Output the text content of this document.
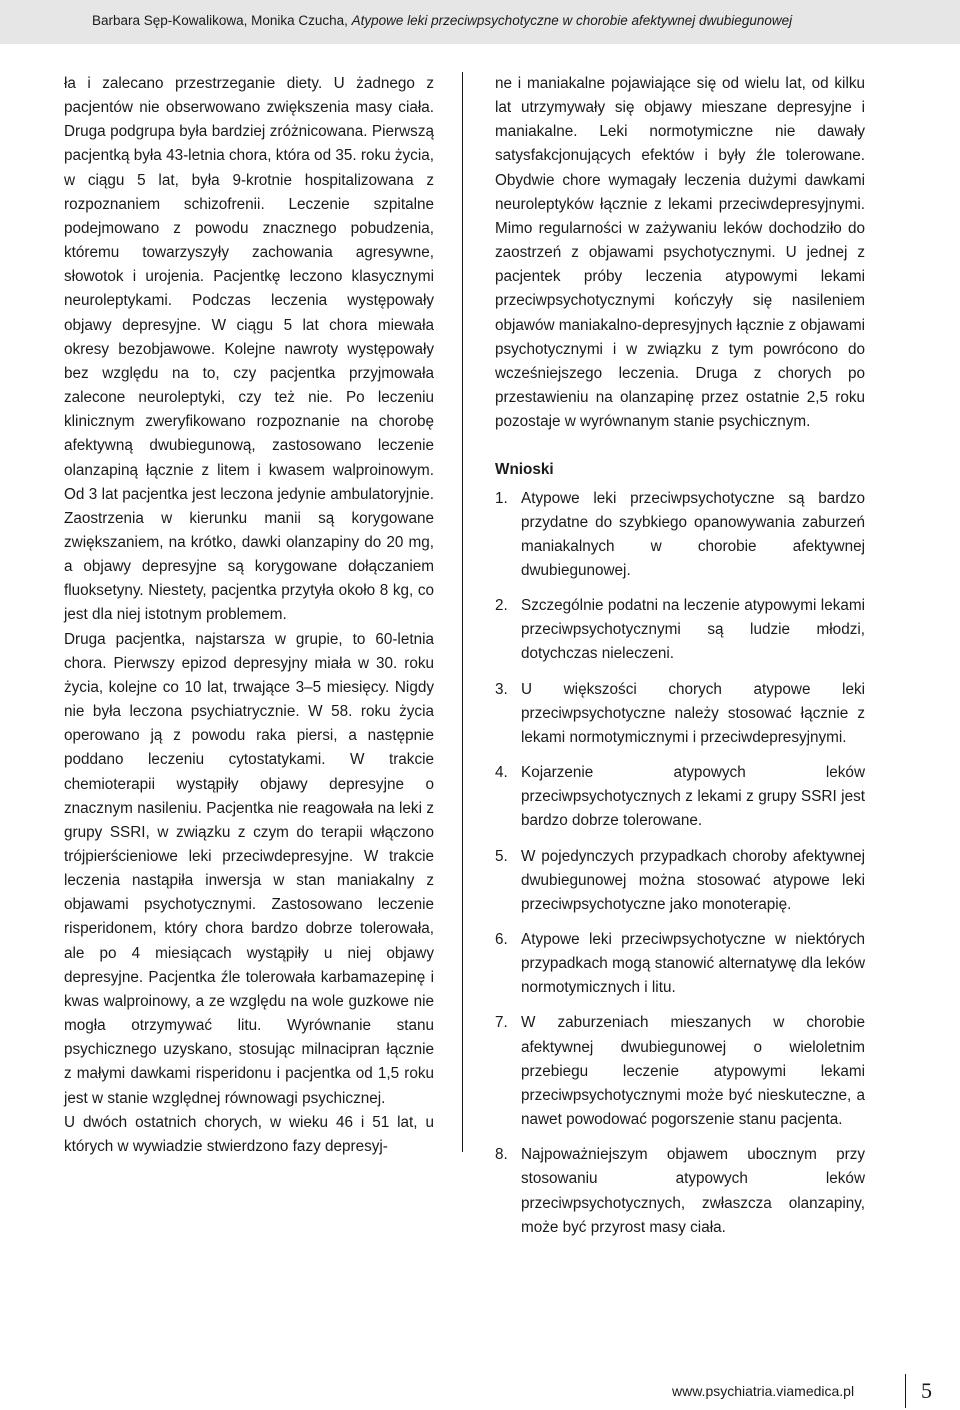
Barbara Sęp-Kowalikowa, Monika Czucha, Atypowe leki przeciwpsychotyczne w chorobie afektywnej dwubiegunowej

ła i zalecano przestrzeganie diety. U żadnego z pacjentów nie obserwowano zwiększenia masy ciała. Druga podgrupa była bardziej zróżnicowana. Pierwszą pacjentką była 43-letnia chora, która od 35. roku życia, w ciągu 5 lat, była 9-krotnie hospitalizowana z rozpoznaniem schizofrenii. Leczenie szpitalne podejmowano z powodu znacznego pobudzenia, któremu towarzyszyły zachowania agresywne, słowotok i urojenia. Pacjentkę leczono klasycznymi neuroleptykami. Podczas leczenia występowały objawy depresyjne. W ciągu 5 lat chora miewała okresy bezobjawowe. Kolejne nawroty występowały bez względu na to, czy pacjentka przyjmowała zalecone neuroleptyki, czy też nie. Po leczeniu klinicznym zweryfikowano rozpoznanie na chorobę afektywną dwubiegunową, zastosowano leczenie olanzapiną łącznie z litem i kwasem walproinowym. Od 3 lat pacjentka jest leczona jedynie ambulatoryjnie. Zaostrzenia w kierunku manii są korygowane zwiększaniem, na krótko, dawki olanzapiny do 20 mg, a objawy depresyjne są korygowane dołączaniem fluoksetyny. Niestety, pacjentka przytyła około 8 kg, co jest dla niej istotnym problemem.

Druga pacjentka, najstarsza w grupie, to 60-letnia chora. Pierwszy epizod depresyjny miała w 30. roku życia, kolejne co 10 lat, trwające 3–5 miesięcy. Nigdy nie była leczona psychiatrycznie. W 58. roku życia operowano ją z powodu raka piersi, a następnie poddano leczeniu cytostatykami. W trakcie chemioterapii wystąpiły objawy depresyjne o znacznym nasileniu. Pacjentka nie reagowała na leki z grupy SSRI, w związku z czym do terapii włączono trójpierścieniowe leki przeciwdepresyjne. W trakcie leczenia nastąpiła inwersja w stan maniakalny z objawami psychotycznymi. Zastosowano leczenie risperidonem, który chora bardzo dobrze tolerowała, ale po 4 miesiącach wystąpiły u niej objawy depresyjne. Pacjentka źle tolerowała karbamazepinę i kwas walproinowy, a ze względu na wole guzkowe nie mogła otrzymywać litu. Wyrównanie stanu psychicznego uzyskano, stosując milnacipran łącznie z małymi dawkami risperidonu i pacjentka od 1,5 roku jest w stanie względnej równowagi psychicznej.

U dwóch ostatnich chorych, w wieku 46 i 51 lat, u których w wywiadzie stwierdzono fazy depresyj-

ne i maniakalne pojawiające się od wielu lat, od kilku lat utrzymywały się objawy mieszane depresyjne i maniakalne. Leki normotymiczne nie dawały satysfakcjonujących efektów i były źle tolerowane. Obydwie chore wymagały leczenia dużymi dawkami neuroleptyków łącznie z lekami przeciwdepresyjnymi. Mimo regularności w zażywaniu leków dochodziło do zaostrzeń z objawami psychotycznymi. U jednej z pacjentek próby leczenia atypowymi lekami przeciwpsychotycznymi kończyły się nasileniem objawów maniakalno-depresyjnych łącznie z objawami psychotycznymi i w związku z tym powrócono do wcześniejszego leczenia. Druga z chorych po przestawieniu na olanzapinę przez ostatnie 2,5 roku pozostaje w wyrównanym stanie psychicznym.

Wnioski
1. Atypowe leki przeciwpsychotyczne są bardzo przydatne do szybkiego opanowywania zaburzeń maniakalnych w chorobie afektywnej dwubiegunowej.
2. Szczególnie podatni na leczenie atypowymi lekami przeciwpsychotycznymi są ludzie młodzi, dotychczas nieleczeni.
3. U większości chorych atypowe leki przeciwpsychotyczne należy stosować łącznie z lekami normotymicznymi i przeciwdepresyjnymi.
4. Kojarzenie atypowych leków przeciwpsychotycznych z lekami z grupy SSRI jest bardzo dobrze tolerowane.
5. W pojedynczych przypadkach choroby afektywnej dwubiegunowej można stosować atypowe leki przeciwpsychotyczne jako monoterapię.
6. Atypowe leki przeciwpsychotyczne w niektórych przypadkach mogą stanowić alternatywę dla leków normotymicznych i litu.
7. W zaburzeniach mieszanych w chorobie afektywnej dwubiegunowej o wieloletnim przebiegu leczenie atypowymi lekami przeciwpsychotycznymi może być nieskuteczne, a nawet powodować pogorszenie stanu pacjenta.
8. Najpoważniejszym objawem ubocznym przy stosowaniu atypowych leków przeciwpsychotycznych, zwłaszcza olanzapiny, może być przyrost masy ciała.
www.psychiatria.viamedica.pl	5
